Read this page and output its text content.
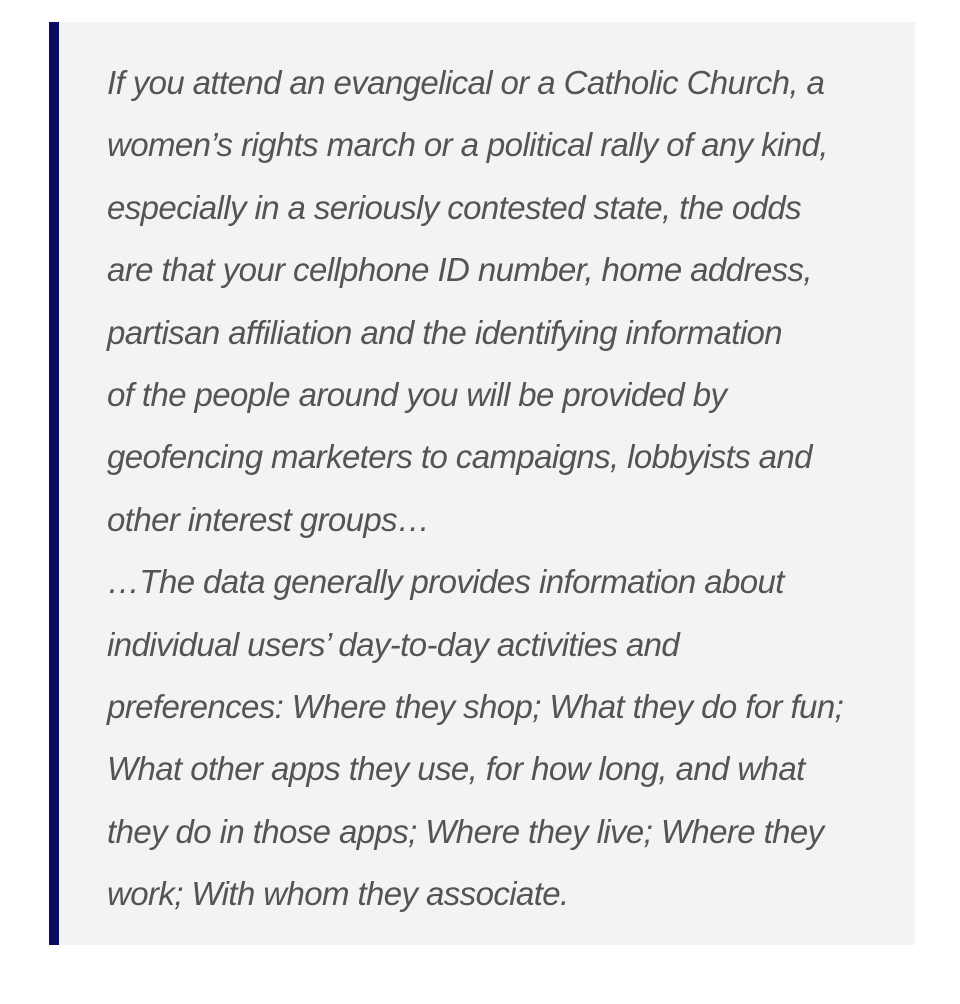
If you attend an evangelical or a Catholic Church, a
women’s rights march or a political rally of any kind,
especially in a seriously contested state, the odds
are that your cellphone ID number, home address,
partisan affiliation and the identifying information
of the people around you will be provided by
geofencing marketers to campaigns, lobbyists and
other interest groups…
…The data generally provides information about
individual users’ day-to-day activities and
preferences: Where they shop; What they do for fun;
What other apps they use, for how long, and what
they do in those apps; Where they live; Where they
work; With whom they associate.
